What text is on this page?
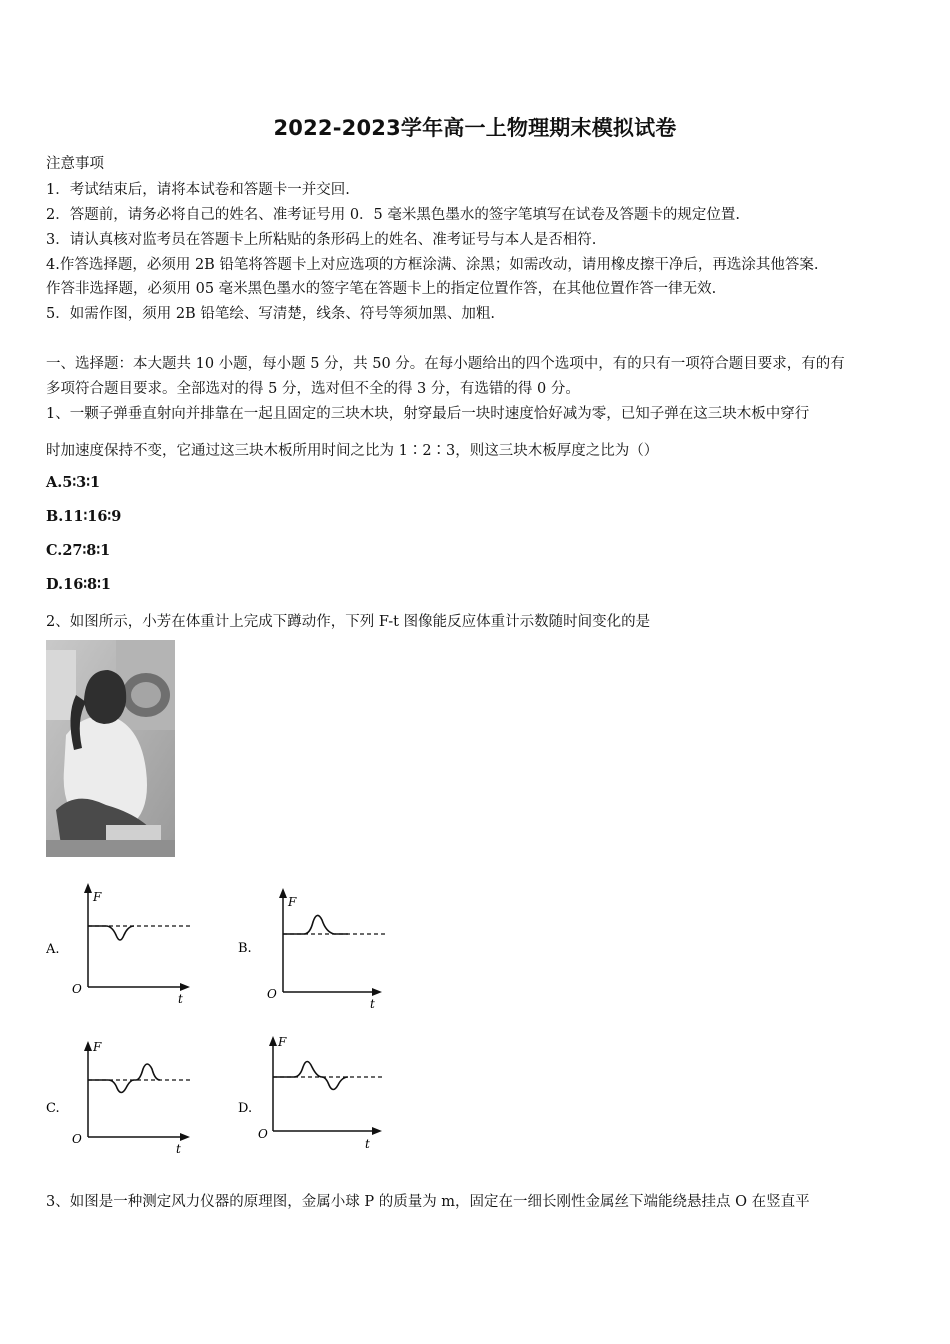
2022-2023学年高一上物理期末模拟试卷
注意事项
1．考试结束后，请将本试卷和答题卡一并交回.
2．答题前，请务必将自己的姓名、准考证号用 0．5 毫米黑色墨水的签字笔填写在试卷及答题卡的规定位置.
3．请认真核对监考员在答题卡上所粘贴的条形码上的姓名、准考证号与本人是否相符.
4.作答选择题，必须用 2B 铅笔将答题卡上对应选项的方框涂满、涂黑；如需改动，请用橡皮擦干净后，再选涂其他答案.
作答非选择题，必须用 05 毫米黑色墨水的签字笔在答题卡上的指定位置作答，在其他位置作答一律无效.
5．如需作图，须用 2B 铅笔绘、写清楚，线条、符号等须加黑、加粗.
一、选择题：本大题共 10 小题，每小题 5 分，共 50 分。在每小题给出的四个选项中，有的只有一项符合题目要求，有的有
多项符合题目要求。全部选对的得 5 分，选对但不全的得 3 分，有选错的得 0 分。
1、一颗子弹垂直射向并排靠在一起且固定的三块木块，射穿最后一块时速度恰好减为零，已知子弹在这三块木板中穿行
时加速度保持不变，它通过这三块木板所用时间之比为 1∶2∶3，则这三块木板厚度之比为（）
A.5∶3∶1
B.11∶16∶9
C.27∶8∶1
D.16∶8∶1
2、如图所示，小芳在体重计上完成下蹲动作，下列 F-t 图像能反应体重计示数随时间变化的是
A.
F
O
t
B.
F
O
t
C.
F
O
t
D.
F
O
t
3、如图是一种测定风力仪器的原理图，金属小球 P 的质量为 m，固定在一细长刚性金属丝下端能绕悬挂点 O 在竖直平
